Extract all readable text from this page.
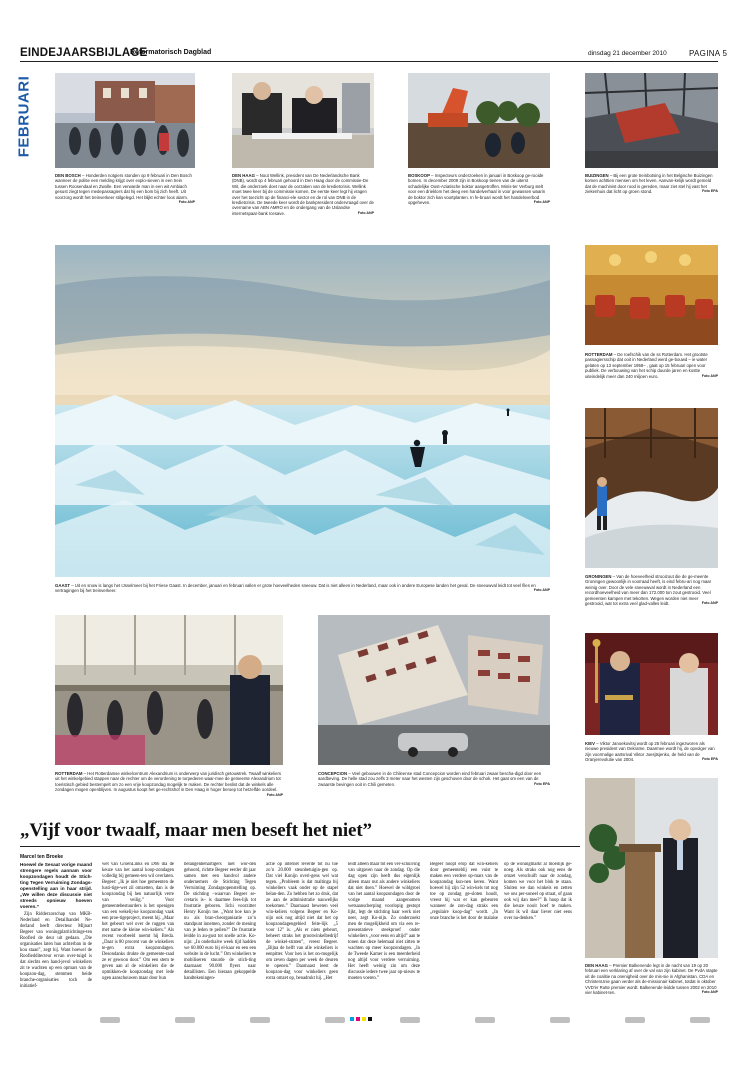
EINDEJAARSBIJLAGE
Reformatorisch Dagblad	dinsdag 21 december 2010	PAGINA 5
FEBRUARI
DEN BOSCH – Honderden notgiers stonden op 9 februari in Den Bosch wanneer de politie een melding krijgt over explo-sieven in een trein tussen Roosendaal en Zwolle. Een verwarde man in een wit Ambiach gesust ziegt tegen medepassagiers dat hij een bom bij zich heeft. Uit voorzorg wordt het treinverkeer stilgelegd. Het blijkt echter loos alarm.
Foto ANP
DEN HAAG – Nout Wellink, president van De Nederlandsche Bank (DNB), wordt op 4 februari gehoord in Den Haag door de commissie-De Wit, die onderzoek doet naar de oorzaken van de kredietcrisis. Wellink moet twee keer bij de commissie komen. De eerste keer legt hij vragen over het toezicht op de financi-ele sector en de rol van DNB in de kredietcrisis. De tweede keer wordt de bankpresident ondervraagd over de overname van ABN AMRO en de ondergang van de IJslandse internetspaar-bank Icesave.	Foto ANP
BOSKOOP – Inspecteurs onderzoeken in januari in Boskoop ge-rooide bomen. In december 2009 zijn in Boskoop tienen van de uiterst schadelijke Oost-Aziatische boktor aangetroffen. Minis-ter Verburg stelt voor een drieklom het deeg een handelverhaal in voor gewassen waarin de boktor zich kan voortplanten. In fe-bruari wordt het handelsverbod opgeheven.	Foto ANP
BUIZINGEN – Bij een grote treinbotsing in het Belgische Buizingen komen achttien mensen om het leven. Aanvan-kelijk wordt gemeld dat de machinist door rood is gereden, maar ziet stel hij vast het ziekenhuis dat licht op groen stond.	Foto EPA
GAAST – Uit en snow is langs het IJsselmeer bij het Friese Gaast. In december, januari en februari vallen er grote hoeveelheden sneeuw. Dat is niet alleen in Nederland, maar ook in andere Europese landen het geval. De sneeuwval leidt tot veel files en vertragingen bij het treinverkeer.	Foto ANP
ROTTERDAM – De roefschik van de ss Rotterdam. Het grootste passagiersschip dat ooit in Nederland werd ge-bouwd – ie water gelaten op 13 september 1958– , gaat op 15 februari open voor publiek. De verbouwing van het schip duurde jaren en kostte uiteindelijk meer dan 240 miljoen euro.	Foto ANP
GRONINGEN – Van de hoeveelheid strooizout die de ge-meente Groningen gewoonlijk in voorraad heeft, is eind febru-ari nog maar weinig over. Door de vele sneeuwval wordt in Nederland een recordhoeveelheid van meer dan 172.000 ton zout gestrooid. Veel gemeenten kampen met tekorten. Wegen worden niet meer gestrooid, wat tot extra veel glad-valles leidt.	Foto ANP
KIEV – Viktor Janoekovitsj wordt op 25 februari ingezworen als nieuwe president van Oekraïne. Daarmee wordt hij, de opvolger van zijn voormalige aartsrival Viktor Joesjtsjenko, de held van de Oranjerevolutie van 2004.	Foto EPA
DEN HAAG – Premier Balkenende legt in de nacht van 19 op 20 februari een verklaring af over de val van zijn kabinet. De PvdA stapte uit de coalitie na onenigheid over de mis-sie in Afghanistan. CDA en ChristenUnie gaan verder als de-missionair kabinet, totdat in oktober VVD'er Rutte premier wordt. Balkenende leidde tussen 2002 en 2010 vier kabinet-ten.	Foto ANP
ROTTERDAM – Het Rotterdamse winkelcentrum Alexandrium is onderwerp van juridisch getouwtrek. Twaalf winkeliers uit het winkelgebied stappen naar de rechter om de verordening te torpederen waar-mee de gemeente Alexandrium tot toeristisch gebied bestempelt om zo een vrije koopzondag mogelijk te maken. De rechter beslist dat de winkels alle zondagen mogen openblijven. In augustus koopt het ge-rechtshof in Den Haag in hoger beroep tot hetzelfde oordeel.
Foto ANP
CONCEPCION – Veel gebouwen in de Chileense stad Concepcion worden eind februari zwaar bescha-digd door een aardbeving. De helle stad zou zelfs 3 meter naar het westen zijn geschoven door de schok. Het gaat om een van de zwaarste bevingen ooit in Chili gemeten.	Foto EPA
„Vijf voor twaalf, maar men beseft het niet”
Marcel ten Broeke

Hoewel de Sesaat vorige maand strengere regels aannam voor koopzondagen houdt de Stich-ting Tegen Verruiming Zondags-openstelling aan in haar strijd. „We willen deze discussie niet streeds opnieuw hoeven voeren.”

Zijn Ridderzorschap van MKB-Nederland en Detailhandel Ne-derland heeft directeur Mijnart Begeer van woningplatriichtinge-ten Roofied de deur uit gedaan. „Die organisaties laten hun achterban in de kou staan”, zegt hij. Want hoewel de Roofiedditecteur ervan over-tuigd is dat slechts een hand-jevol winkeliers zit te wachten op een opmars van de koopzon-dag, stemmen beide branche-organisaties toch de initiatief-

wet van GroenLinks en D66 dia de keuze van het aantal koop-zondagen volledig bij gemeen-ten wil overlaten. Begeer: „Ik je niet hoe gemeenten de lusti-tige-wet zil omzetten, dan is de koopzondag bij hen natuurlijk verre van veilig.” Voor gemeentebestuurders is het openigen van een wekelij-ke koopzondag vaak een proe-tigeproject, meent hij. „Maar het gebeurt wel over de ruggen van met name de kleine win-keliers.” Als recent voorbeeld noemt hij Breda. „Daar is 80 procent van de winkeliers te-gen extra koopzondagen. Desondanks drukte de gemeente-raad ze er gewoon door.” Om een stem te geven aan al de winkeliers die de opmikken-de koopzondag met lede ogen aanschouwen maar door hun

belangenbehartigers niet wor-den gehoord, richtte Begeer eerder dit jaar samen met een handvol andere ondernemers de Stichting Tegen Verruiming Zondagsopenstelling op. De stichting –waarvan Begeer se-cretaris is– is daarmee fees-lijk tot frustratie geboren. Iichi voorzitter Henry Konijn toe. „Want hoe kun je nu als bran-cheorganisatie zo’n standpunt innemen, zonder de mening van je leden te peilen?” De frustratie leidde in au-gust tot snelle actie. Ko-nijn: „In onderhalve week tijd hadden we 60.000 euro bij el-kaar en een een website in de lucht.” Om winkeliers te mobiliseren stuurde de stich-ting daarnaast 90.000 flyers naar detaillisten. Een hieraan gekoppelde handtekeningen-

actie op internet leverde tot nu toe zo’n 20.000 steunbetuigin-gen op. Dat viel Konijn overi-gens wel wat tegen. „Probleem is dat maltinga bij winkeliers vaak onder op de stapel belan-den. Zo hebben het zo druk, dat ze aan de administratie nauwelijks toekomen.” Daarnaast beweren veel win-keliers volgens Begeer en Ko-nijn ook nog altijd niet dat het op koopzondagengebied feite-lijk „5 voor 12” is. „Als er niets gebeurt, beheert straks het grootwinkelbedrijf de winkel-straten”, vreest Begeer. „Bijna de helft van alle winkeliers is eenpitter. Voor hen is het on-mogelijk om zeven dagen per week de deuren te openen.” Daarnaast leest de koopzon-dag voor winkeliers geen extra omzet op, benadrukt hij. „Het

leidt alleen maar tot een ver-schuiving van uitgaven naar de zondag. Op die dag open zijn heeft dus eigenlijk alleen maar nut als andere winkeliers dat niet doen.” Hoewel de wildgroei van het aantal koopzondagen door de vorige maand aangenomen wetsaanscherping voorlopig gestopt lijkt, legt de stichting haar werk niet neer, zegt Ko-nijn. Zo onderzoekt men de mogelijkheid om via een re-presentatieve steekproef onder winkeliers „voor eens en altijd” aan te tonen dat deze helemaal niet zitten te wachten op meer koopzondagen. „In de Tweede Kamer is een meerderheid nog altijd voor verdere verruiming. Het heeft weinig zin om deze discussie iedere twee jaar op-nieuw te moeten voeren.”

Begeer hoopt erop dat win-keliers door gemeenteblij een vuist te maken een verdere op-mars van de koopzondag kun-nen keren. Want hoewel hij zijn 52 win-kels tot nog toe op zondag ge-sloten houdt, vreest hij wat er kan gebeuren wanneer de zon-dag straks een „regulaire koop-dag” wordt. „In onze branche is het door de malaise op de woningmarkt al moeilijk ge-noeg. Als straks ook nog eens de omzet verschuift naar de zondag, komen we voor het blok te staan. Sluiten we dan winkels en zetten we ons per-soneel op straat, of gaan ook wij dan mee?” Ik hoop dat ik die keuze nooit hoef te maken. Want ik wil daar liever niet eens over na-denken.”
